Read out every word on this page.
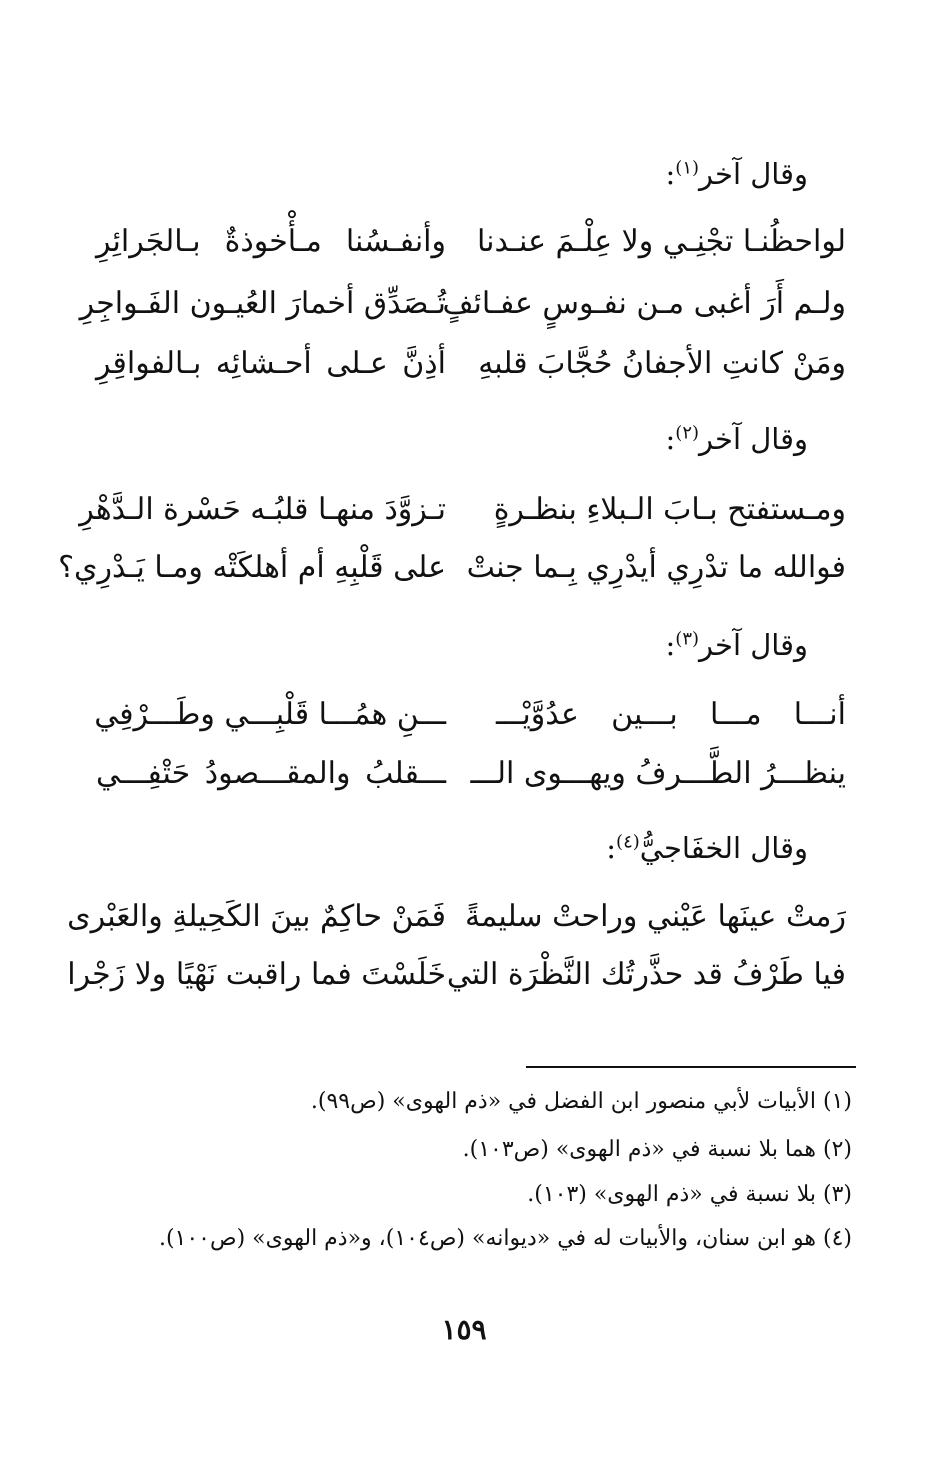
وقال آخر$^{(١)}$:
لواحظُنـا تجْنِـي ولا عِلْـمَ عنـدنا
وأنفـسُنا مـأْخوذةٌ بـالجَرائِرِ
ولـم أَرَ أغبى مـن نفـوسٍ عفـائفٍ
تُـصَدِّق أخمارَ العُيـون الفَـواجِرِ
ومَنْ كانتِ الأجفانُ حُجَّابَ قلبهِ
أذِنَّ عـلى أحـشائِه بـالفواقِرِ
وقال آخر$^{(٢)}$:
ومـستفتح بـابَ الـبلاءِ بنظـرةٍ
تـزوَّدَ منهـا قلبُـه حَسْرة الـدَّهْرِ
فوالله ما تدْرِي أيدْرِي بِـما جنتْ
على قَلْبِهِ أم أهلكَتْه ومـا يَـدْرِي؟
وقال آخر$^{(٣)}$:
أنـــا مـــا بـــين عدُوَّيْـــ
ـــنِ همُـــا قَلْبِـــي وطَـــرْفِي
ينظـــرُ الطَّـــرفُ ويهـــوى الـــ
ـــقلبُ والمقـــصودُ حَتْفِـــي
وقال الخفَاجيُّ$^{(٤)}$:
رَمتْ عينَها عَيْني وراحتْ سليمةً
فَمَنْ حاكِمٌ بينَ الكَحِيلةِ والعَبْرى
فيا طَرْفُ قد حذَّرتُك النَّظْرَة التي
خَلَسْتَ فما راقبت نَهْيًا ولا زَجْرا
(١) الأبيات لأبي منصور ابن الفضل في «ذم الهوى» (ص٩٩).
(٢) هما بلا نسبة في «ذم الهوى» (ص١٠٣).
(٣) بلا نسبة في «ذم الهوى» (١٠٣).
(٤) هو ابن سنان، والأبيات له في «ديوانه» (ص١٠٤)، و«ذم الهوى» (ص١٠٠).
١٥٩
